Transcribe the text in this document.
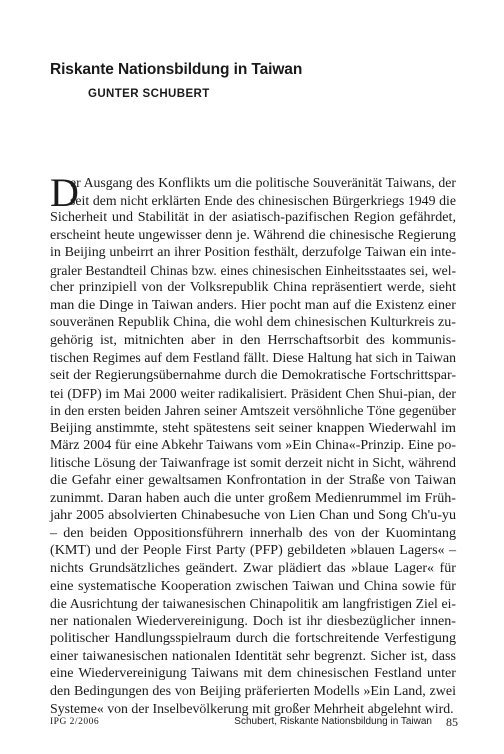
Riskante Nationsbildung in Taiwan
GUNTER SCHUBERT
D
er Ausgang des Konflikts um die politische Souveränität Taiwans, der
seit dem nicht erklärten Ende des chinesischen Bürgerkriegs 1949 die
Sicherheit und Stabilität in der asiatisch-pazifischen Region gefährdet,
erscheint heute ungewisser denn je. Während die chinesische Regierung
in Beijing unbeirrt an ihrer Position festhält, derzufolge Taiwan ein inte-
graler Bestandteil Chinas bzw. eines chinesischen Einheitsstaates sei, wel-
cher prinzipiell von der Volksrepublik China repräsentiert werde, sieht
man die Dinge in Taiwan anders. Hier pocht man auf die Existenz einer
souveränen Republik China, die wohl dem chinesischen Kulturkreis zu-
gehörig ist, mitnichten aber in den Herrschaftsorbit des kommunis-
tischen Regimes auf dem Festland fällt. Diese Haltung hat sich in Taiwan
seit der Regierungsübernahme durch die Demokratische Fortschrittspar-
tei (DFP) im Mai 2000 weiter radikalisiert. Präsident Chen Shui-pian, der
in den ersten beiden Jahren seiner Amtszeit versöhnliche Töne gegenüber
Beijing anstimmte, steht spätestens seit seiner knappen Wiederwahl im
März 2004 für eine Abkehr Taiwans vom »Ein China«-Prinzip. Eine po-
litische Lösung der Taiwanfrage ist somit derzeit nicht in Sicht, während
die Gefahr einer gewaltsamen Konfrontation in der Straße von Taiwan
zunimmt. Daran haben auch die unter großem Medienrummel im Früh-
jahr 2005 absolvierten Chinabesuche von Lien Chan und Song Ch'u-yu
– den beiden Oppositionsführern innerhalb des von der Kuomintang
(KMT) und der People First Party (PFP) gebildeten »blauen Lagers« –
nichts Grundsätzliches geändert. Zwar plädiert das »blaue Lager« für
eine systematische Kooperation zwischen Taiwan und China sowie für
die Ausrichtung der taiwanesischen Chinapolitik am langfristigen Ziel ei-
ner nationalen Wiedervereinigung. Doch ist ihr diesbezüglicher innen-
politischer Handlungsspielraum durch die fortschreitende Verfestigung
einer taiwanesischen nationalen Identität sehr begrenzt. Sicher ist, dass
eine Wiedervereinigung Taiwans mit dem chinesischen Festland unter
den Bedingungen des von Beijing präferierten Modells »Ein Land, zwei
Systeme« von der Inselbevölkerung mit großer Mehrheit abgelehnt wird.
IPG 2/2006	Schubert, Riskante Nationsbildung in Taiwan 85
